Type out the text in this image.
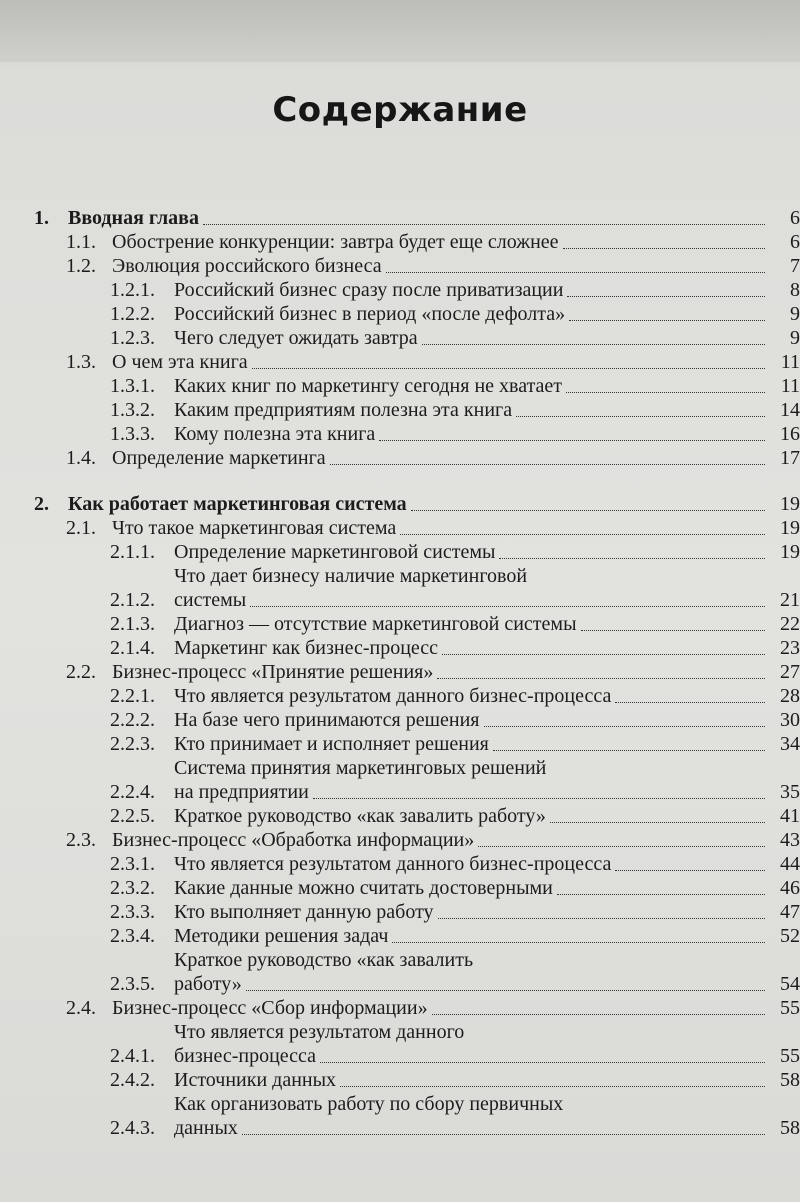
Содержание
1. Вводная глава	6
1.1. Обострение конкуренции: завтра будет еще сложнее	6
1.2. Эволюция российского бизнеса	7
1.2.1. Российский бизнес сразу после приватизации	8
1.2.2. Российский бизнес в период «после дефолта»	9
1.2.3. Чего следует ожидать завтра	9
1.3. О чем эта книга	11
1.3.1. Каких книг по маркетингу сегодня не хватает	11
1.3.2. Каким предприятиям полезна эта книга	14
1.3.3. Кому полезна эта книга	16
1.4. Определение маркетинга	17
2. Как работает маркетинговая система	19
2.1. Что такое маркетинговая система	19
2.1.1. Определение маркетинговой системы	19
2.1.2.
Что дает бизнесу наличие маркетинговой
системы	21
2.1.3. Диагноз — отсутствие маркетинговой системы	22
2.1.4. Маркетинг как бизнес-процесс	23
2.2. Бизнес-процесс «Принятие решения»	27
2.2.1. Что является результатом данного бизнес-процесса	28
2.2.2. На базе чего принимаются решения	30
2.2.3. Кто принимает и исполняет решения	34
2.2.4.
Система принятия маркетинговых решений
на предприятии	35
2.2.5. Краткое руководство «как завалить работу»	41
2.3. Бизнес-процесс «Обработка информации»	43
2.3.1. Что является результатом данного бизнес-процесса	44
2.3.2. Какие данные можно считать достоверными	46
2.3.3. Кто выполняет данную работу	47
2.3.4. Методики решения задач	52
2.3.5.
Краткое руководство «как завалить
работу»	54
2.4. Бизнес-процесс «Сбор информации»	55
2.4.1.
Что является результатом данного
бизнес-процесса	55
2.4.2. Источники данных	58
2.4.3.
Как организовать работу по сбору первичных
данных	58
